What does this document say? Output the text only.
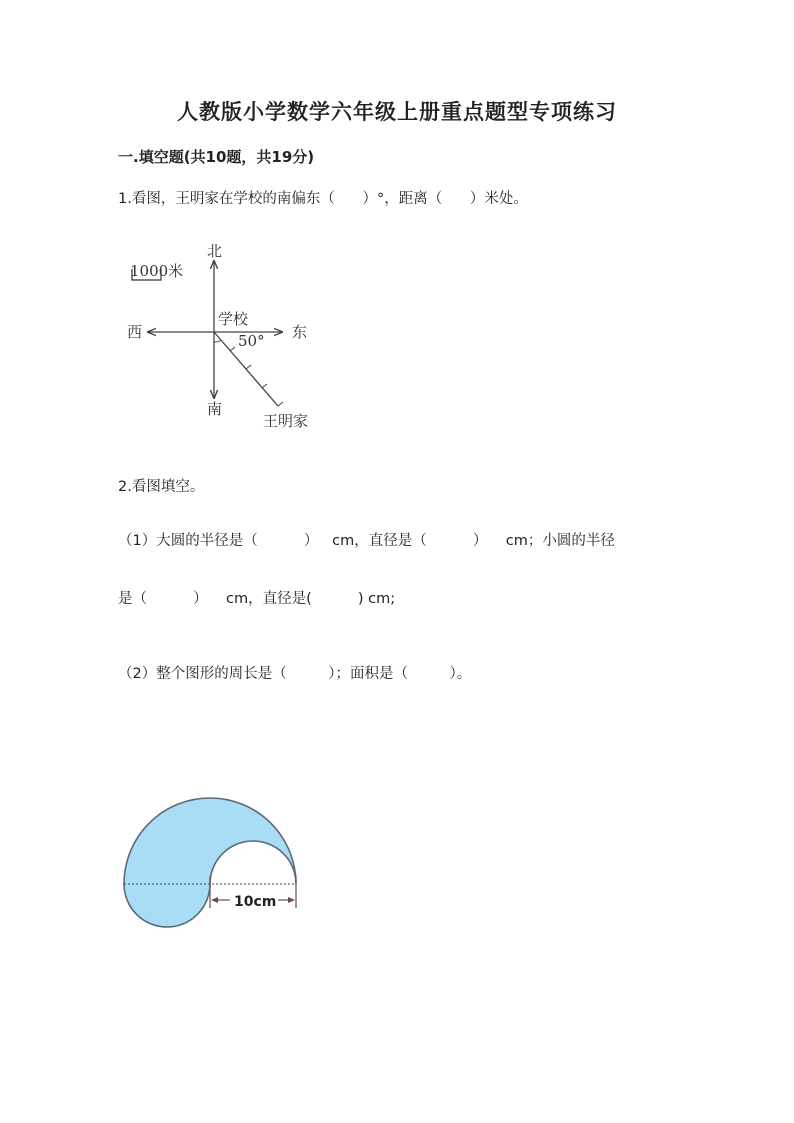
人教版小学数学六年级上册重点题型专项练习
一.填空题(共10题，共19分)
1.看图，王明家在学校的南偏东（      ）°，距离（      ）米处。
1000米
北
南
东
西
学校
50°
王明家
2.看图填空。
（1）大圆的半径是（          ）   cm，直径是（          ）    cm；小圆的半径
是（          ）    cm，直径是(          ) cm;
（2）整个图形的周长是（         ）；面积是（         ）。
10cm
